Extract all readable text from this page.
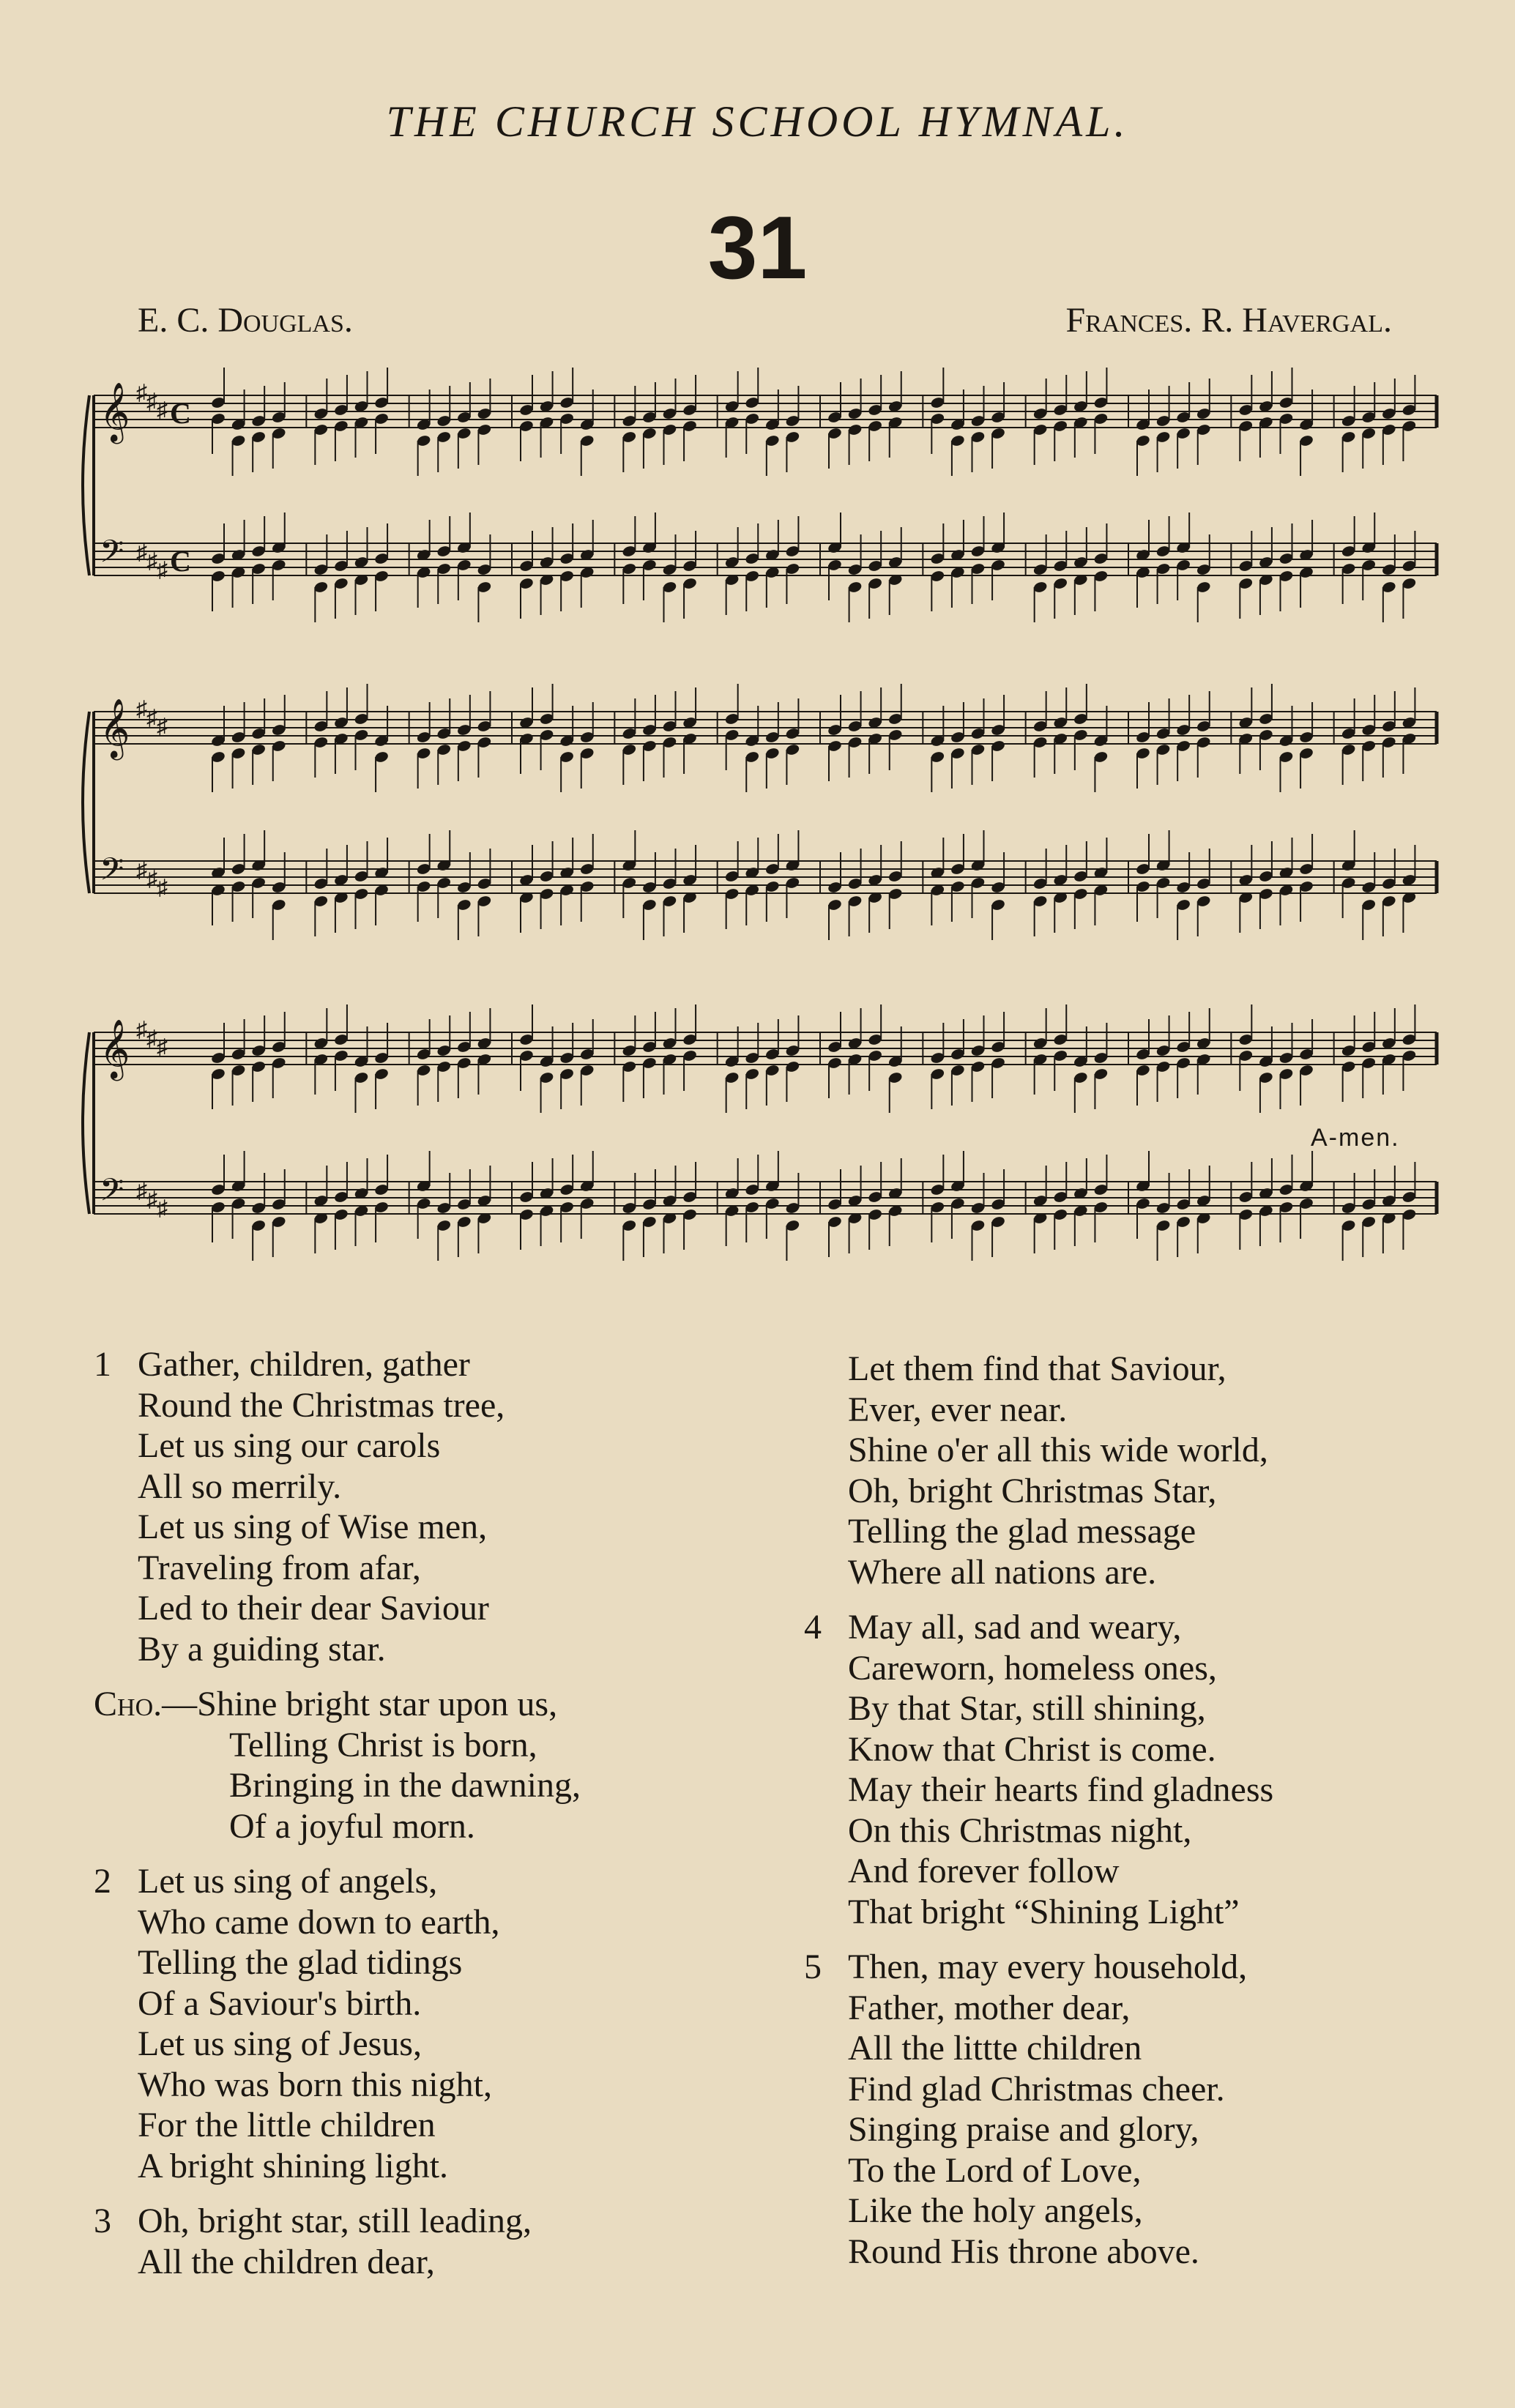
THE CHURCH SCHOOL HYMNAL.
31
E. C. Douglas.	Frances. R. Havergal.
𝄞
𝄢
♯
♯
♯
♯
♯
♯
C
C
𝄞
𝄢
♯
♯
♯
♯
♯
♯
𝄞
𝄢
♯
♯
♯
♯
♯
♯
A-men.
1 Gather, children, gather
Round the Christmas tree,
Let us sing our carols
All so merrily.
Let us sing of Wise men,
Traveling from afar,
Led to their dear Saviour
By a guiding star.
Cho.—Shine bright star upon us,
Telling Christ is born,
Bringing in the dawning,
Of a joyful morn.
2 Let us sing of angels,
Who came down to earth,
Telling the glad tidings
Of a Saviour's birth.
Let us sing of Jesus,
Who was born this night,
For the little children
A bright shining light.
3 Oh, bright star, still leading,
All the children dear,
Let them find that Saviour,
Ever, ever near.
Shine o'er all this wide world,
Oh, bright Christmas Star,
Telling the glad message
Where all nations are.
4 May all, sad and weary,
Careworn, homeless ones,
By that Star, still shining,
Know that Christ is come.
May their hearts find gladness
On this Christmas night,
And forever follow
That bright “Shining Light”
5 Then, may every household,
Father, mother dear,
All the littte children
Find glad Christmas cheer.
Singing praise and glory,
To the Lord of Love,
Like the holy angels,
Round His throne above.
